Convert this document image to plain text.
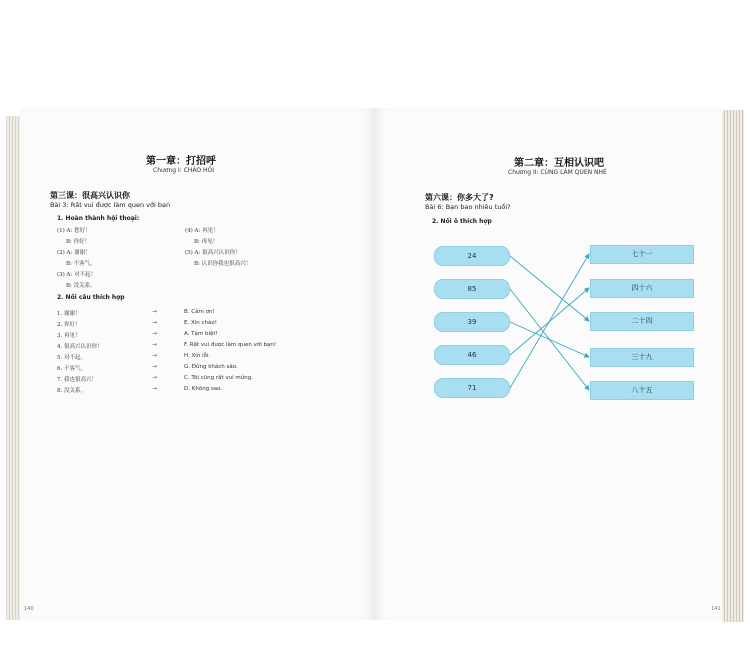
第一章：打招呼
Chương I: CHÀO HỎI
第三课：很高兴认识你
Bài 3: Rất vui được làm quen với bạn
1. Hoàn thành hội thoại:
(1) A: 您好！
B: 你好！
(2) A: 谢谢！
B: 不客气。
(3) A: 对不起！
B: 没关系。
(4) A: 再见！
B: 再见！
(5) A: 很高兴认识你！
B: 认识你我也很高兴！
2. Nối câu thích hợp
1. 谢谢！	→	B. Cảm ơn!
2. 你好！	→	E. Xin chào!
3. 再见！	→	A. Tạm biệt!
4. 很高兴认识你！	→	F. Rất vui được làm quen với bạn!
5. 对不起。	→	H. Xin lỗi.
6. 不客气。	→	G. Đừng khách sáo.
7. 我也很高兴！	→	C. Tôi cũng rất vui mừng.
8. 没关系。	→	D. Không sao.
140
第二章：互相认识吧
Chương II: CÙNG LÀM QUEN NHÉ
第六课：你多大了?
Bài 6: Bạn bao nhiêu tuổi?
2. Nối ô thích hợp
24
85
39
46
71
七十一
四十六
二十四
三十九
八十五
141
